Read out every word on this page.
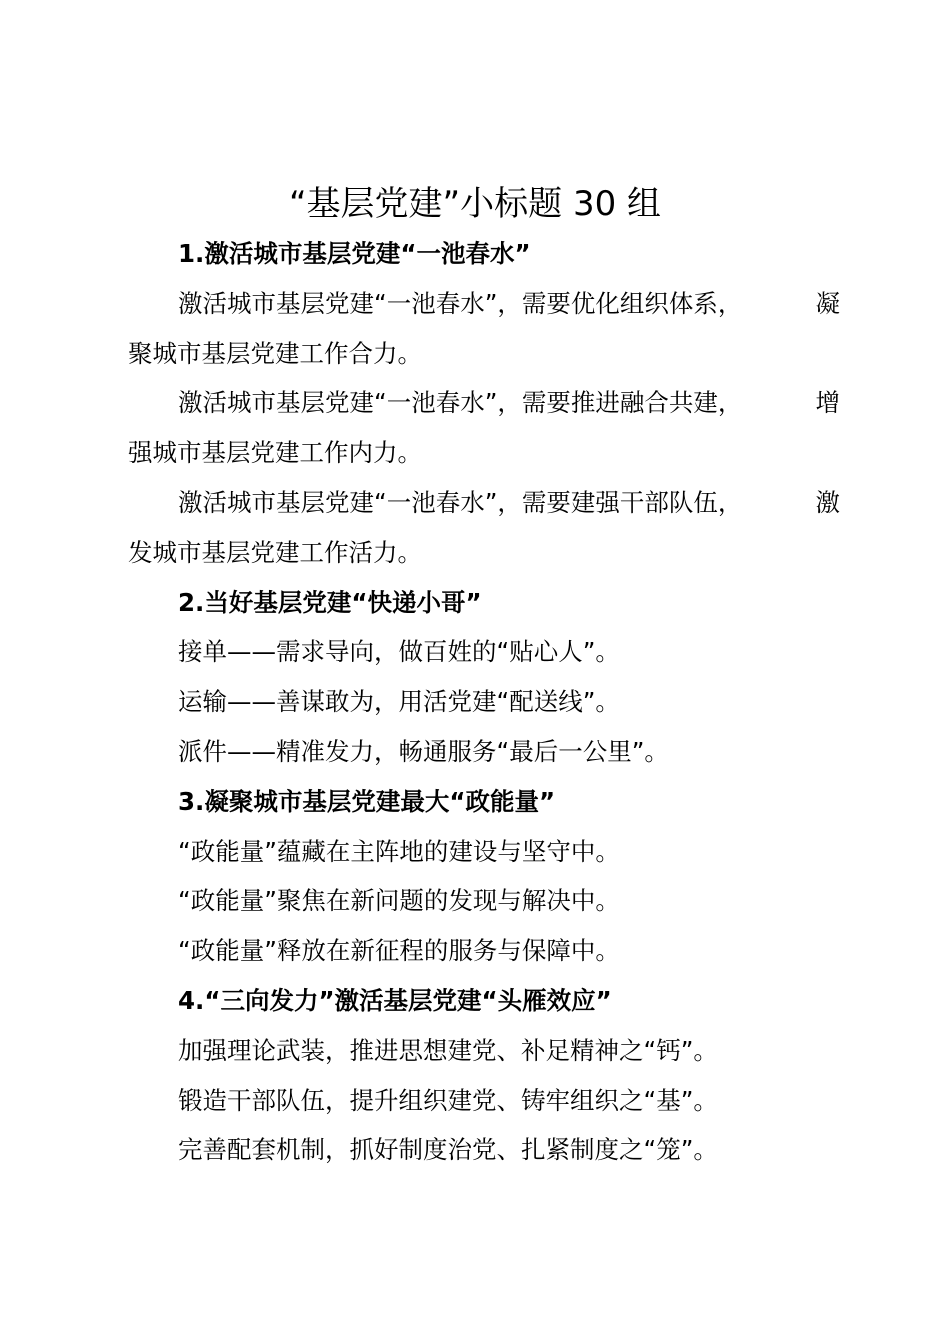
“基层党建”小标题 30 组
1.激活城市基层党建“一池春水”
激活城市基层党建“一池春水”，需要优化组织体系，	凝
聚城市基层党建工作合力。
激活城市基层党建“一池春水”，需要推进融合共建，	增
强城市基层党建工作内力。
激活城市基层党建“一池春水”，需要建强干部队伍，	激
发城市基层党建工作活力。
2.当好基层党建“快递小哥”
接单——需求导向，做百姓的“贴心人”。
运输——善谋敢为，用活党建“配送线”。
派件——精准发力，畅通服务“最后一公里”。
3.凝聚城市基层党建最大“政能量”
“政能量”蕴藏在主阵地的建设与坚守中。
“政能量”聚焦在新问题的发现与解决中。
“政能量”释放在新征程的服务与保障中。
4.“三向发力”激活基层党建“头雁效应”
加强理论武装，推进思想建党、补足精神之“钙”。
锻造干部队伍，提升组织建党、铸牢组织之“基”。
完善配套机制，抓好制度治党、扎紧制度之“笼”。
